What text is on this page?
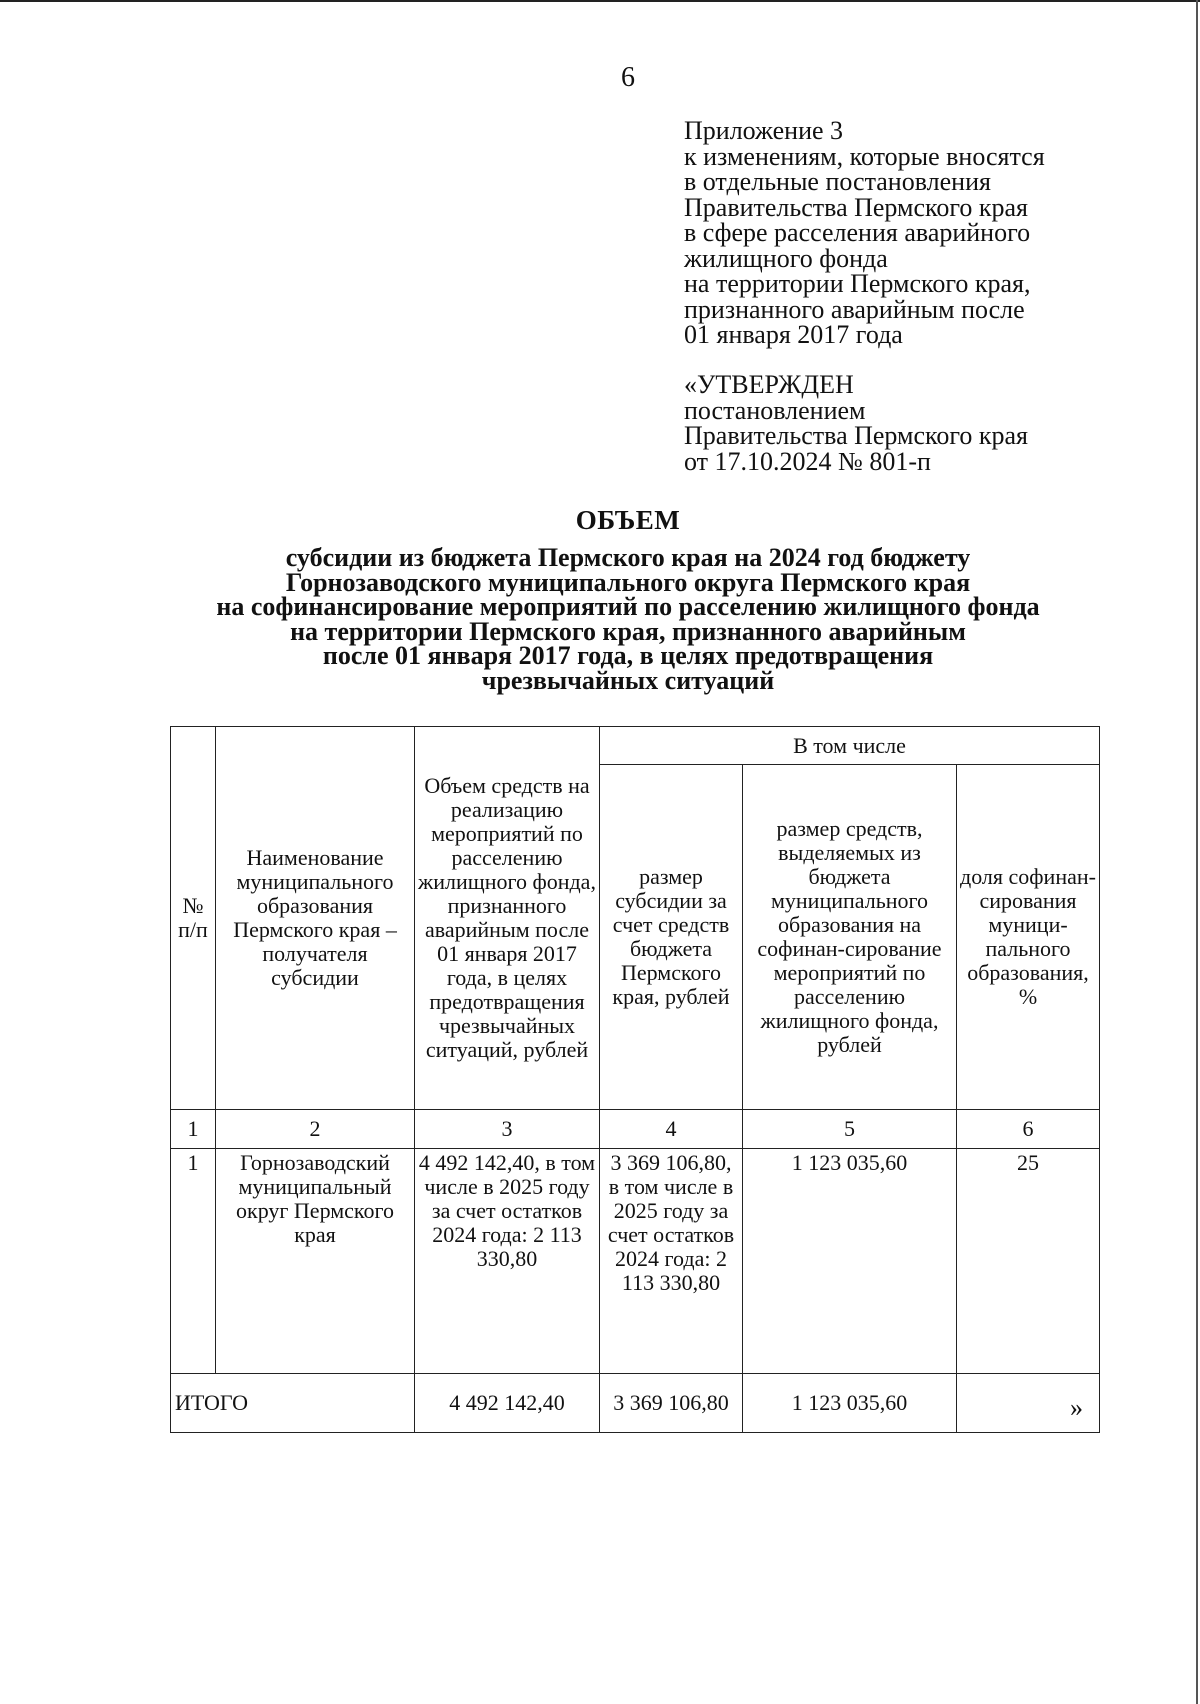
6
Приложение 3
к изменениям, которые вносятся
в отдельные постановления
Правительства Пермского края
в сфере расселения аварийного
жилищного фонда
на территории Пермского края,
признанного аварийным после
01 января 2017 года
«УТВЕРЖДЕН
постановлением
Правительства Пермского края
от 17.10.2024 № 801-п
ОБЪЕМ
субсидии из бюджета Пермского края на 2024 год бюджету
Горнозаводского муниципального округа Пермского края
на софинансирование мероприятий по расселению жилищного фонда
на территории Пермского края, признанного аварийным
после 01 января 2017 года, в целях предотвращения
чрезвычайных ситуаций
№ п/п	Наименование муниципального образования Пермского края – получателя субсидии	Объем средств на реализацию мероприятий по расселению жилищного фонда, признанного аварийным после 01 января 2017 года, в целях предотвращения чрезвычайных ситуаций, рублей	В том числе		
			размер субсидии за счет средств бюджета Пермского края, рублей	размер средств, выделяемых из бюджета муниципального образования на софинан-сирование мероприятий по расселению жилищного фонда, рублей	доля софинан-сирования муници-пального образования, %
1	2	3	4	5	6
1	Горнозаводский муниципальный округ Пермского края	4 492 142,40, в том числе в 2025 году за счет остатков 2024 года: 2 113 330,80	3 369 106,80, в том числе в 2025 году за счет остатков 2024 года: 2 113 330,80	1 123 035,60	25
ИТОГО		4 492 142,40	3 369 106,80	1 123 035,60		»
